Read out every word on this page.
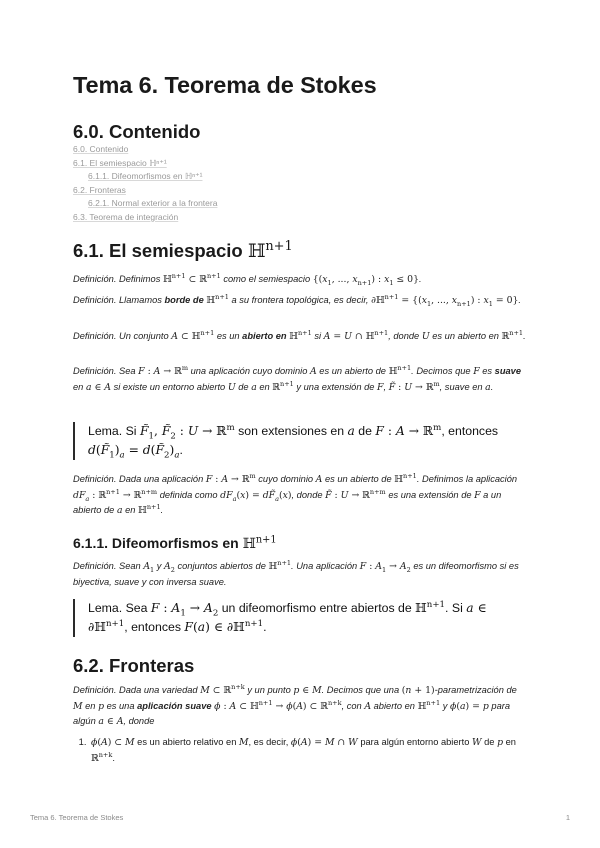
Tema 6. Teorema de Stokes
6.0. Contenido
6.0. Contenido
6.1. El semiespacio ℍⁿ⁺¹
6.1.1. Difeomorfismos en ℍⁿ⁺¹
6.2. Fronteras
6.2.1. Normal exterior a la frontera
6.3. Teorema de integración
6.1. El semiespacio ℍ$^{n+1}$
Definición. Definimos ℍ$^{n+1}$ ⊂ ℝ$^{n+1}$ como el semiespacio {($x_1$, ..., $x_{n+1}$) : $x_1 \le 0$}.
Definición. Llamamos borde de ℍ$^{n+1}$ a su frontera topológica, es decir, ∂ℍ$^{n+1}$ = {($x_1$, ..., $x_{n+1}$) : $x_1 = 0$}.
Definición. Un conjunto A ⊂ ℍ$^{n+1}$ es un abierto en ℍ$^{n+1}$ si A = U ∩ ℍ$^{n+1}$, donde U es un abierto en ℝ$^{n+1}$.
Definición. Sea F : A → ℝ$^m$ una aplicación cuyo dominio A es un abierto de ℍ$^{n+1}$. Decimos que F es suave en a ∈ A si existe un entorno abierto U de a en ℝ$^{n+1}$ y una extensión de F, F̃ : U → ℝ$^m$, suave en a.
Lema. Si $F̃_1$, $F̃_2$ : U → ℝ$^m$ son extensiones en a de F : A → ℝ$^m$, entonces $d(F̃_1)_a$ = $d(F̃_2)_a$.
Definición. Dada una aplicación F : A → ℝ$^m$ cuyo dominio A es un abierto de ℍ$^{n+1}$. Definimos la aplicación $dF_a$ : ℝ$^{n+1}$ → ℝ$^{n+m}$ definida como $dF_a(x)$ = $dF̃_a(x)$, donde F̃ : U → ℝ$^{n+m}$ es una extensión de F a un abierto de a en ℍ$^{n+1}$.
6.1.1. Difeomorfismos en ℍ$^{n+1}$
Definición. Sean $A_1$ y $A_2$ conjuntos abiertos de ℍ$^{n+1}$. Una aplicación F : $A_1 \to A_2$ es un difeomorfismo si es biyectiva, suave y con inversa suave.
Lema. Sea F : $A_1 \to A_2$ un difeomorfismo entre abiertos de ℍ$^{n+1}$. Si a ∈ ∂ℍ$^{n+1}$, entonces F(a) ∈ ∂ℍ$^{n+1}$.
6.2. Fronteras
Definición. Dada una variedad M ⊂ ℝ$^{n+k}$ y un punto p ∈ M. Decimos que una (n + 1)-parametrización de M en p es una aplicación suave ϕ : A ⊂ ℍ$^{n+1}$ → ϕ(A) ⊂ ℝ$^{n+k}$, con A abierto en ℍ$^{n+1}$ y ϕ(a) = p para algún a ∈ A, donde
1. ϕ(A) ⊂ M es un abierto relativo en M, es decir, ϕ(A) = M ∩ W para algún entorno abierto W de p en ℝ$^{n+k}$.
Tema 6. Teorema de Stokes	1
